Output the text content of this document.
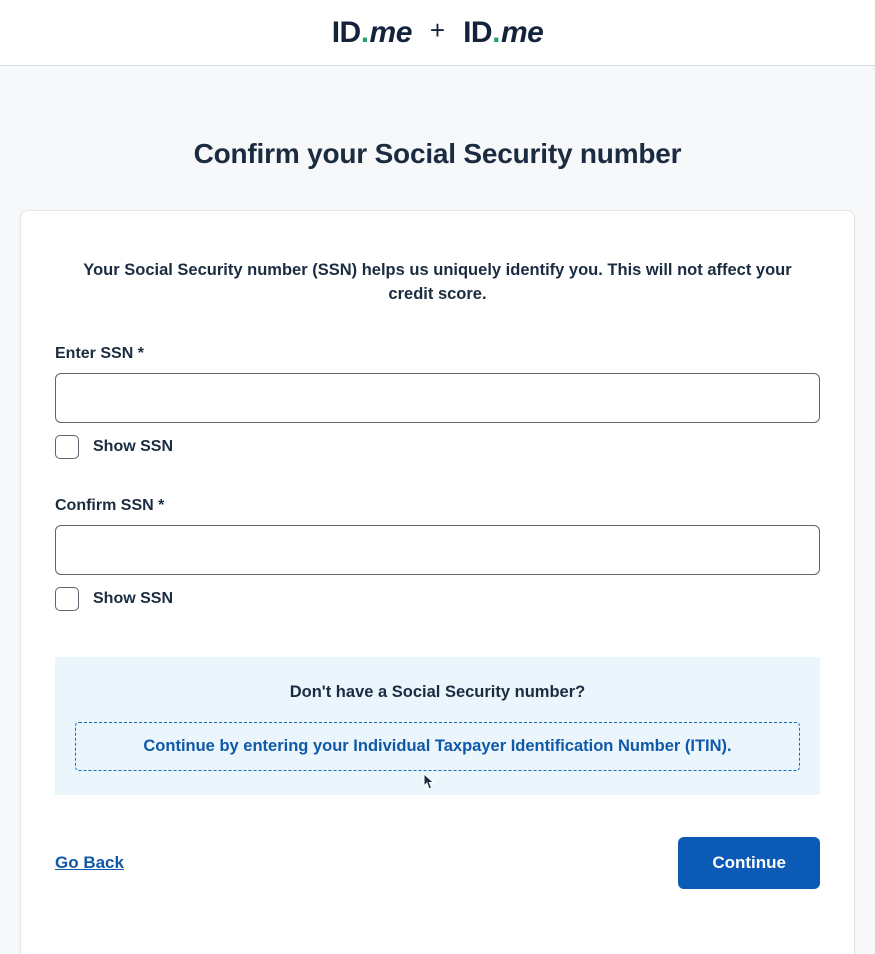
ID . me + ID . me
Confirm your Social Security number

Your Social Security number (SSN) helps us uniquely identify you. This will not affect your credit score.

Enter SSN *
Show SSN
Confirm SSN *
Show SSN

Don't have a Social Security number?

Continue by entering your Individual Taxpayer Identification Number (ITIN).
Go Back	Continue
